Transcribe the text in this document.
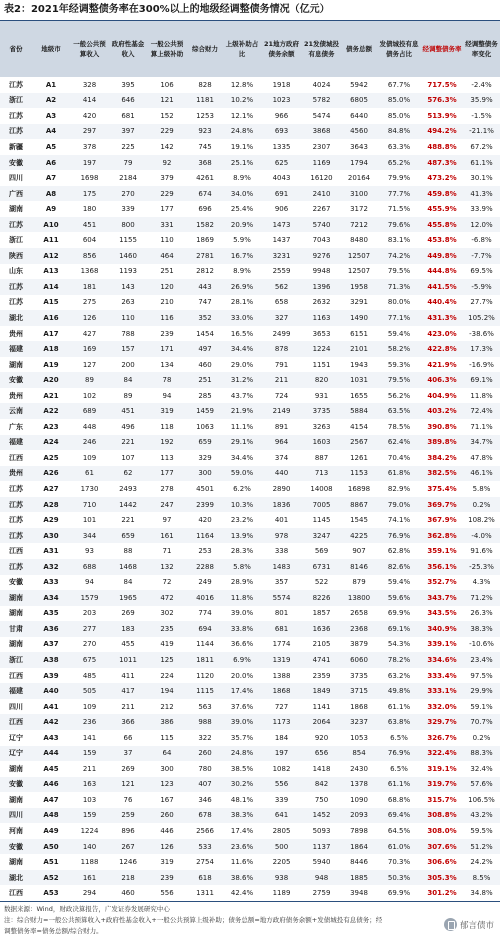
表2：2021年经调整债务率在300%以上的地级经调整债务情况（亿元）
省份	地级市	一般公共预算收入	政府性基金收入	一般公共预算上级补助	综合财力	上级补助占比	21地方政府债务余额	21发债城投有息债务	债务总额	发债城投有息债务占比	经调整债务率	经调整债务率变化
江苏	A1	328	395	106	828	12.8%	1918	4024	5942	67.7%	717.5%	-2.4%
浙江	A2	414	646	121	1181	10.2%	1023	5782	6805	85.0%	576.3%	35.9%
江苏	A3	420	681	152	1253	12.1%	966	5474	6440	85.0%	513.9%	-1.5%
江苏	A4	297	397	229	923	24.8%	693	3868	4560	84.8%	494.2%	-21.1%
新疆	A5	378	225	142	745	19.1%	1335	2307	3643	63.3%	488.8%	67.2%
安徽	A6	197	79	92	368	25.1%	625	1169	1794	65.2%	487.3%	61.1%
四川	A7	1698	2184	379	4261	8.9%	4043	16120	20164	79.9%	473.2%	30.1%
广西	A8	175	270	229	674	34.0%	691	2410	3100	77.7%	459.8%	41.3%
湖南	A9	180	339	177	696	25.4%	906	2267	3172	71.5%	455.9%	33.9%
江苏	A10	451	800	331	1582	20.9%	1473	5740	7212	79.6%	455.8%	12.0%
浙江	A11	604	1155	110	1869	5.9%	1437	7043	8480	83.1%	453.8%	-6.8%
陕西	A12	856	1460	464	2781	16.7%	3231	9276	12507	74.2%	449.8%	-7.7%
山东	A13	1368	1193	251	2812	8.9%	2559	9948	12507	79.5%	444.8%	69.5%
江苏	A14	181	143	120	443	26.9%	562	1396	1958	71.3%	441.5%	-5.9%
江苏	A15	275	263	210	747	28.1%	658	2632	3291	80.0%	440.4%	27.7%
湖北	A16	126	110	116	352	33.0%	327	1163	1490	77.1%	431.3%	105.2%
贵州	A17	427	788	239	1454	16.5%	2499	3653	6151	59.4%	423.0%	-38.6%
福建	A18	169	157	171	497	34.4%	878	1224	2101	58.2%	422.8%	17.3%
湖南	A19	127	200	134	460	29.0%	791	1151	1943	59.3%	421.9%	-16.9%
安徽	A20	89	84	78	251	31.2%	211	820	1031	79.5%	406.3%	69.1%
贵州	A21	102	89	94	285	43.7%	724	931	1655	56.2%	404.9%	11.8%
云南	A22	689	451	319	1459	21.9%	2149	3735	5884	63.5%	403.2%	72.4%
广东	A23	448	496	118	1063	11.1%	891	3263	4154	78.5%	390.8%	71.1%
福建	A24	246	221	192	659	29.1%	964	1603	2567	62.4%	389.8%	34.7%
江西	A25	109	107	113	329	34.4%	374	887	1261	70.4%	384.2%	47.8%
贵州	A26	61	62	177	300	59.0%	440	713	1153	61.8%	382.5%	46.1%
江苏	A27	1730	2493	278	4501	6.2%	2890	14008	16898	82.9%	375.4%	5.8%
江苏	A28	710	1442	247	2399	10.3%	1836	7005	8867	79.0%	369.7%	0.2%
江苏	A29	101	221	97	420	23.2%	401	1145	1545	74.1%	367.9%	108.2%
江苏	A30	344	659	161	1164	13.9%	978	3247	4225	76.9%	362.8%	-4.0%
江西	A31	93	88	71	253	28.3%	338	569	907	62.8%	359.1%	91.6%
江苏	A32	688	1468	132	2288	5.8%	1483	6731	8146	82.6%	356.1%	-25.3%
安徽	A33	94	84	72	249	28.9%	357	522	879	59.4%	352.7%	4.3%
湖南	A34	1579	1965	472	4016	11.8%	5574	8226	13800	59.6%	343.7%	71.2%
湖南	A35	203	269	302	774	39.0%	801	1857	2658	69.9%	343.5%	26.3%
甘肃	A36	277	183	235	694	33.8%	681	1636	2368	69.1%	340.9%	38.3%
湖南	A37	270	455	419	1144	36.6%	1774	2105	3879	54.3%	339.1%	-10.6%
浙江	A38	675	1011	125	1811	6.9%	1319	4741	6060	78.2%	334.6%	23.4%
江西	A39	485	411	224	1120	20.0%	1388	2359	3735	63.2%	333.4%	97.5%
福建	A40	505	417	194	1115	17.4%	1868	1849	3715	49.8%	333.1%	29.9%
四川	A41	109	211	212	563	37.6%	727	1141	1868	61.1%	332.0%	59.1%
江西	A42	236	366	386	988	39.0%	1173	2064	3237	63.8%	329.7%	70.7%
辽宁	A43	141	66	115	322	35.7%	184	920	1053	6.5%	326.7%	0.2%
辽宁	A44	159	37	64	260	24.8%	197	656	854	76.9%	322.4%	88.3%
湖南	A45	211	269	300	780	38.5%	1082	1418	2430	6.5%	319.1%	32.4%
安徽	A46	163	121	123	407	30.2%	556	842	1378	61.1%	319.7%	57.6%
湖南	A47	103	76	167	346	48.1%	339	750	1090	68.8%	315.7%	106.5%
四川	A48	159	259	260	678	38.3%	641	1452	2093	69.4%	308.8%	43.2%
河南	A49	1224	896	446	2566	17.4%	2805	5093	7898	64.5%	308.0%	59.5%
安徽	A50	140	267	126	533	23.6%	500	1137	1864	61.0%	307.6%	51.2%
湖南	A51	1188	1246	319	2754	11.6%	2205	5940	8446	70.3%	306.6%	24.2%
湖北	A52	161	218	239	618	38.6%	938	948	1885	50.3%	305.3%	8.5%
江西	A53	294	460	556	1311	42.4%	1189	2759	3948	69.9%	301.2%	34.8%
数据来源：Wind，财政决算报告，广发证券发展研究中心
注：综合财力=一般公共预算收入+政府性基金收入+一般公共预算上级补助；债务总额=地方政府债务余额+发债城投有息债务；经
调整债务率=债务总额/综合财力。
郁言债市
